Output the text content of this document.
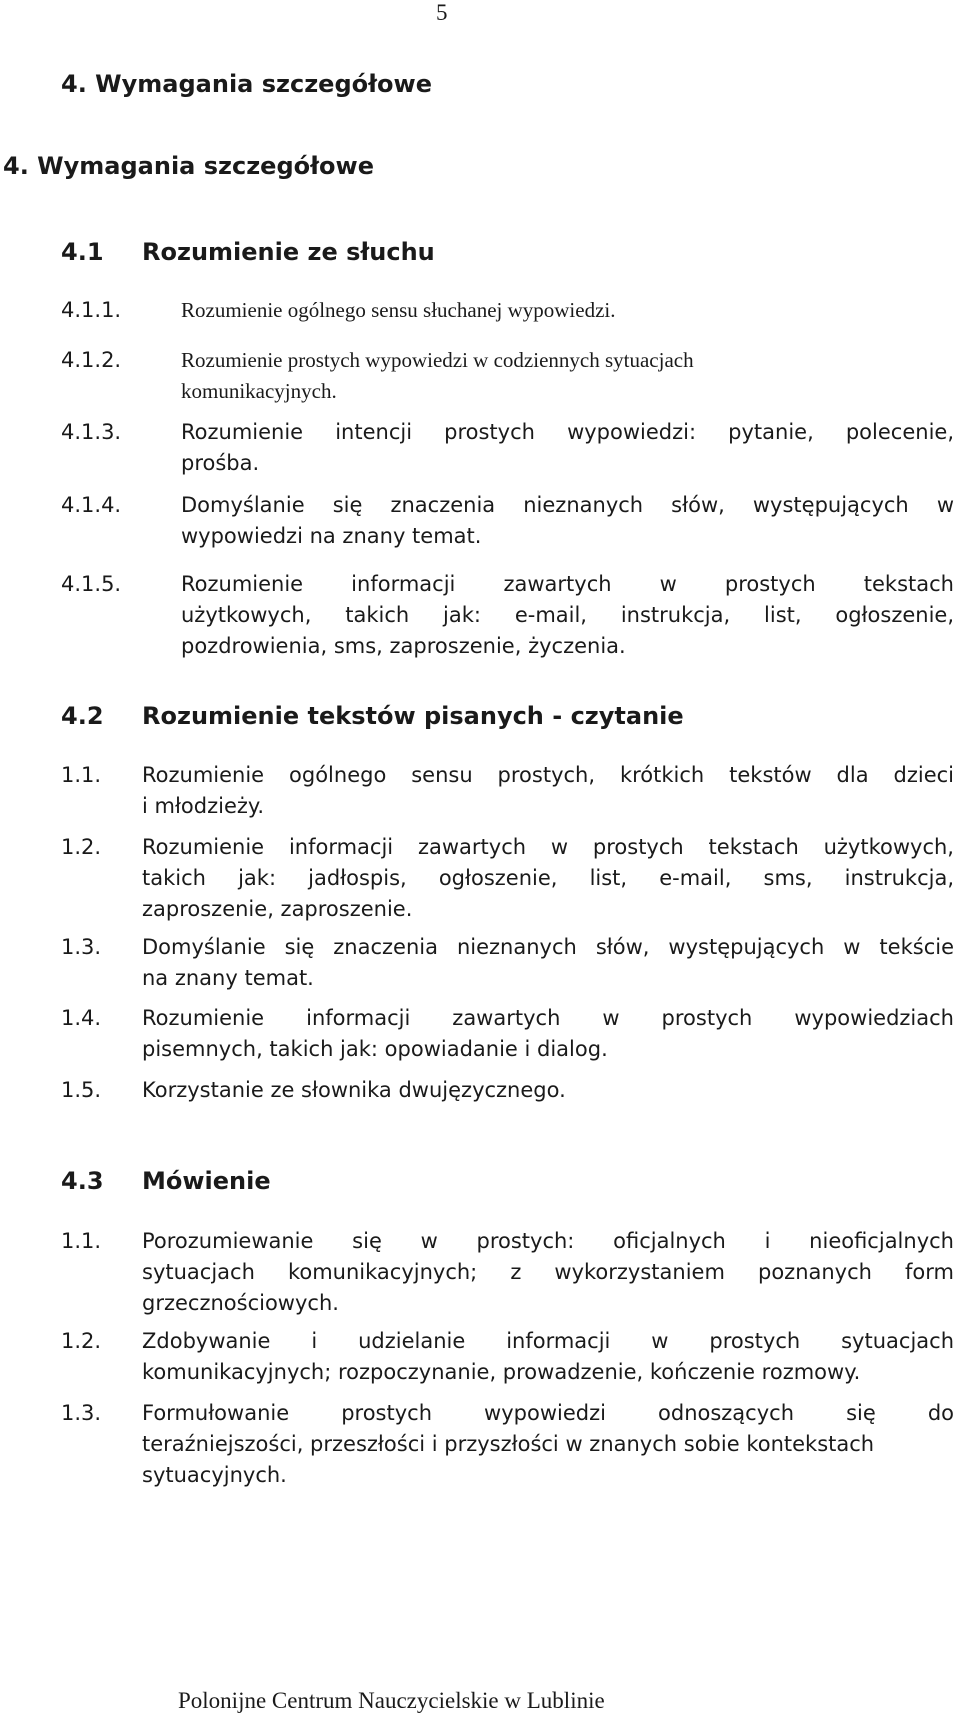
5
4. Wymagania szczegółowe
4. Wymagania szczegółowe
4.1 Rozumienie ze słuchu
4.1.1.	Rozumienie ogólnego sensu słuchanej wypowiedzi.
4.1.2.	Rozumienie prostych wypowiedzi w codziennych sytuacjach
komunikacyjnych.
4.1.3.	Rozumienie intencji prostych wypowiedzi: pytanie, polecenie,
prośba.
4.1.4.	Domyślanie się znaczenia nieznanych słów, występujących w
wypowiedzi na znany temat.
4.1.5.	Rozumienie informacji zawartych w prostych tekstach
użytkowych, takich jak: e-mail, instrukcja, list, ogłoszenie,
pozdrowienia, sms, zaproszenie, życzenia.
4.2 Rozumienie tekstów pisanych - czytanie
1.1. Rozumienie ogólnego sensu prostych, krótkich tekstów dla dzieci
i młodzieży.
1.2. Rozumienie informacji zawartych w prostych tekstach użytkowych,
takich jak: jadłospis, ogłoszenie, list, e-mail, sms, instrukcja,
zaproszenie, zaproszenie.
1.3. Domyślanie się znaczenia nieznanych słów, występujących w tekście
na znany temat.
1.4. Rozumienie informacji zawartych w prostych wypowiedziach
pisemnych, takich jak: opowiadanie i dialog.
1.5. Korzystanie ze słownika dwujęzycznego.
4.3 Mówienie
1.1. Porozumiewanie się w prostych: oficjalnych i nieoficjalnych
sytuacjach komunikacyjnych; z wykorzystaniem poznanych form
grzecznościowych.
1.2. Zdobywanie i udzielanie informacji w prostych sytuacjach
komunikacyjnych; rozpoczynanie, prowadzenie, kończenie rozmowy.
1.3. Formułowanie prostych wypowiedzi odnoszących się do
teraźniejszości, przeszłości i przyszłości w znanych sobie kontekstach
sytuacyjnych.
Polonijne Centrum Nauczycielskie w Lublinie
